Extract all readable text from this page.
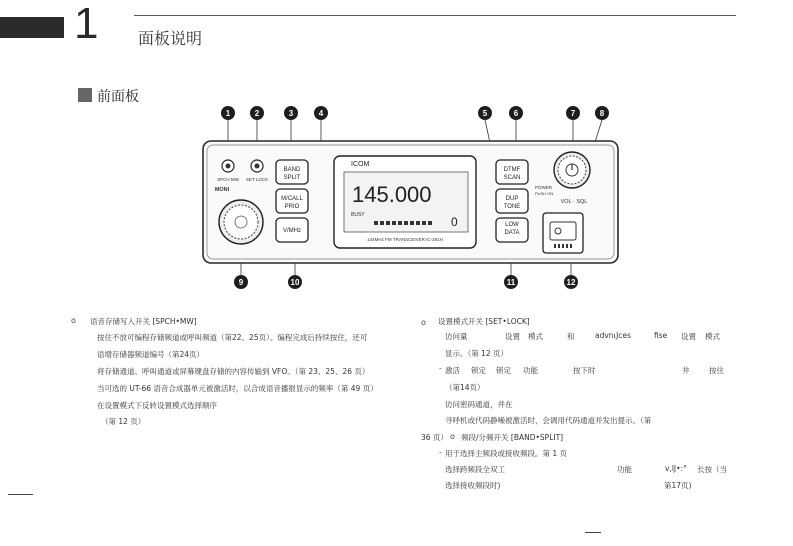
1 面板说明
前面板
1	2	3	4	5	6	7	8
9	10	11	12
SPCH MW SET LOCK
MONI
BAND
SPLIT
M/CALL
PRIO
V/MHz
ICOM
145.000
BUSY	0
144MHz FM TRANSCEIVER IC-281H
DTMF
SCAN
DUP
TONE
LOW
DATA
POWER
PUSH ON
VOL · SQL
o 语音存储写入开关 [SPCH•MW]
按住不放可编程存储频道或呼叫频道（第22、25页）。编程完成后持续按住，还可
语增存储器频道编号（第24页）
将存储通道、呼叫通道或屏幕键盘存储的内容传输到 VFO。（第 23、25、26 页）
当可选的 UT-66 语音合成器单元被激活时，以合成语音播报显示的频率（第 49 页）
在设置模式下反转设置模式选择顺序
（第 12 页）
o 设置模式开关 [SET•LOCK]
访问量	设置 模式	和	advnιJces	fise 设置 模式
显示。（第 12 页）
- 激活 锁定 锁定 功能	按下时	井	按住
（第14页）
访问密码通道，并在
寻呼机或代码静噪被激活时，会调用代码通道并发出提示。（第
36 页） o 频段/分频开关 [BAND•SPLIT]
- 用于选择主频段或接收频段。第 1 页
选择跨频段全双工	功能	v,lJ•:° 长按（当
选择接收频段时)	第17页)
